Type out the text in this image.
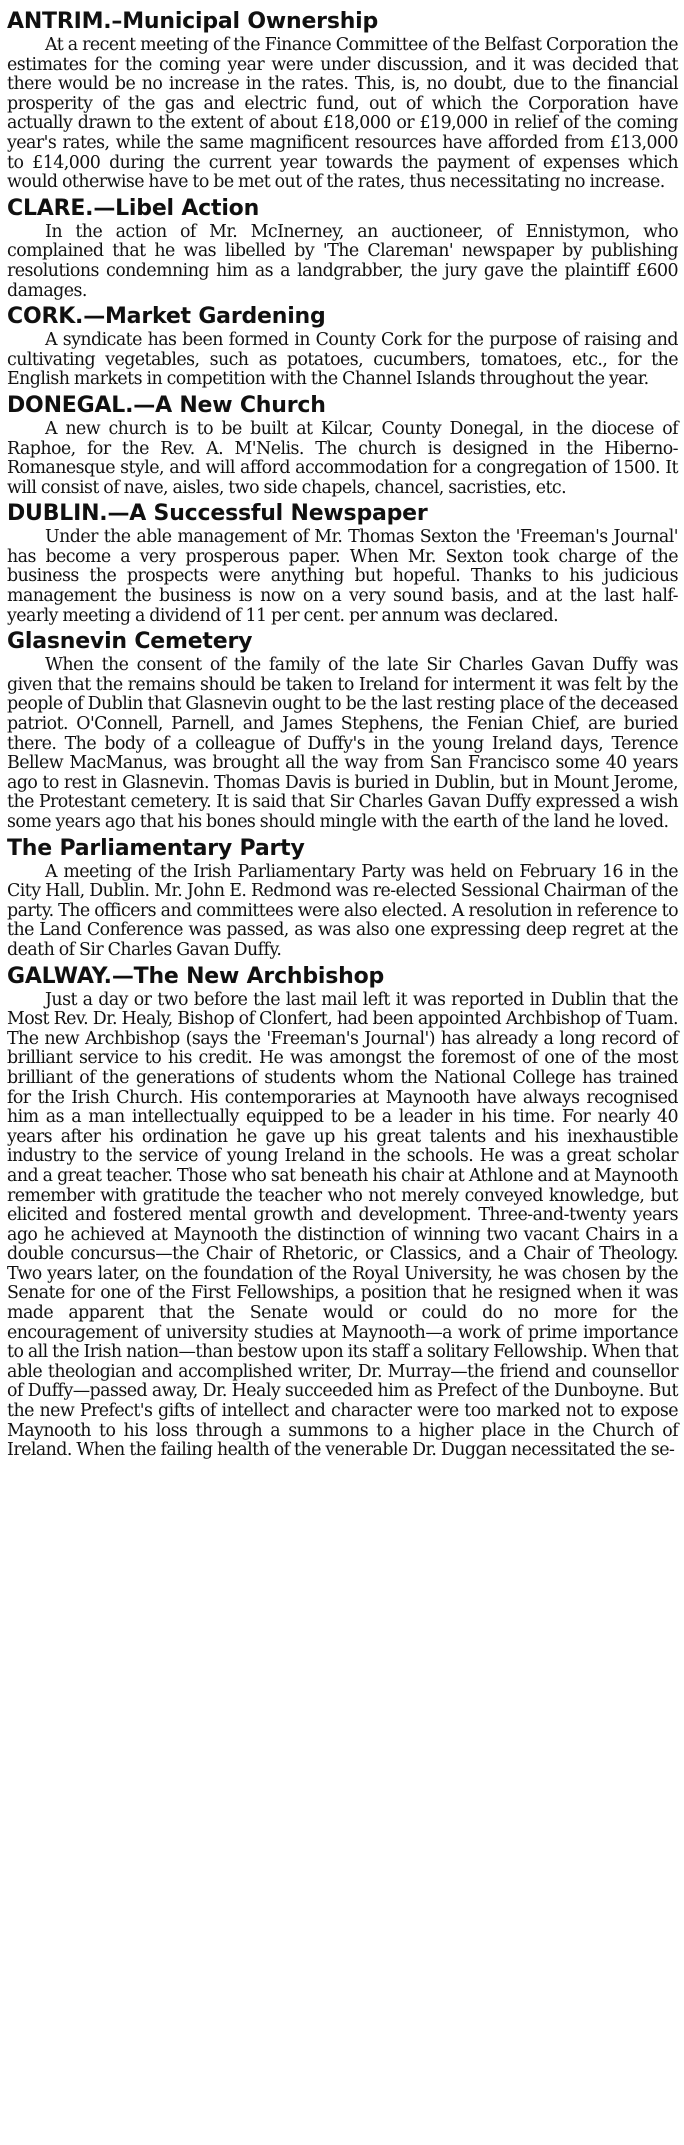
ANTRIM.–Municipal Ownership

At a recent meeting of the Finance Committee of the Belfast Corporation the estimates for the coming year were under discussion, and it was decided that there would be no increase in the rates. This, is, no doubt, due to the financial prosperity of the gas and electric fund, out of which the Corporation have actually drawn to the extent of about £18,000 or £19,000 in relief of the coming year's rates, while the same magnificent resources have afforded from £13,000 to £14,000 during the current year towards the payment of expenses which would otherwise have to be met out of the rates, thus necessitating no increase.

CLARE.—Libel Action

In the action of Mr. McInerney, an auctioneer, of Ennistymon, who complained that he was libelled by 'The Clareman' newspaper by publishing resolutions condemning him as a landgrabber, the jury gave the plaintiff £600 damages.

CORK.—Market Gardening

A syndicate has been formed in County Cork for the purpose of raising and cultivating vegetables, such as potatoes, cucumbers, tomatoes, etc., for the English markets in competition with the Channel Islands throughout the year.

DONEGAL.—A New Church

A new church is to be built at Kilcar, County Donegal, in the diocese of Raphoe, for the Rev. A. M'Nelis. The church is designed in the Hiberno-Romanesque style, and will afford accommodation for a congregation of 1500. It will consist of nave, aisles, two side chapels, chancel, sacristies, etc.

DUBLIN.—A Successful Newspaper

Under the able management of Mr. Thomas Sexton the 'Freeman's Journal' has become a very prosperous paper. When Mr. Sexton took charge of the business the prospects were anything but hopeful. Thanks to his judicious management the business is now on a very sound basis, and at the last half-yearly meeting a dividend of 11 per cent. per annum was declared.

Glasnevin Cemetery

When the consent of the family of the late Sir Charles Gavan Duffy was given that the remains should be taken to Ireland for interment it was felt by the people of Dublin that Glasnevin ought to be the last resting place of the deceased patriot. O'Connell, Parnell, and James Stephens, the Fenian Chief, are buried there. The body of a colleague of Duffy's in the young Ireland days, Terence Bellew MacManus, was brought all the way from San Francisco some 40 years ago to rest in Glasnevin. Thomas Davis is buried in Dublin, but in Mount Jerome, the Protestant cemetery. It is said that Sir Charles Gavan Duffy expressed a wish some years ago that his bones should mingle with the earth of the land he loved.

The Parliamentary Party

A meeting of the Irish Parliamentary Party was held on February 16 in the City Hall, Dublin. Mr. John E. Redmond was re-elected Sessional Chairman of the party. The officers and committees were also elected. A resolution in reference to the Land Conference was passed, as was also one expressing deep regret at the death of Sir Charles Gavan Duffy.

GALWAY.—The New Archbishop

Just a day or two before the last mail left it was reported in Dublin that the Most Rev. Dr. Healy, Bishop of Clonfert, had been appointed Archbishop of Tuam. The new Archbishop (says the 'Freeman's Journal') has already a long record of brilliant service to his credit. He was amongst the foremost of one of the most brilliant of the generations of students whom the National College has trained for the Irish Church. His contemporaries at Maynooth have always recognised him as a man intellectually equipped to be a leader in his time. For nearly 40 years after his ordination he gave up his great talents and his inexhaustible industry to the service of young Ireland in the schools. He was a great scholar and a great teacher. Those who sat beneath his chair at Athlone and at Maynooth remember with gratitude the teacher who not merely conveyed knowledge, but elicited and fostered mental growth and development. Three-and-twenty years ago he achieved at Maynooth the distinction of winning two vacant Chairs in a double concursus—the Chair of Rhetoric, or Classics, and a Chair of Theology. Two years later, on the foundation of the Royal University, he was chosen by the Senate for one of the First Fellowships, a position that he resigned when it was made apparent that the Senate would or could do no more for the encouragement of university studies at Maynooth—a work of prime importance to all the Irish nation—than bestow upon its staff a solitary Fellowship. When that able theologian and accomplished writer, Dr. Murray—the friend and counsellor of Duffy—passed away, Dr. Healy succeeded him as Prefect of the Dunboyne. But the new Prefect's gifts of intellect and character were too marked not to expose Maynooth to his loss through a summons to a higher place in the Church of Ireland. When the failing health of the venerable Dr. Duggan necessitated the se-
